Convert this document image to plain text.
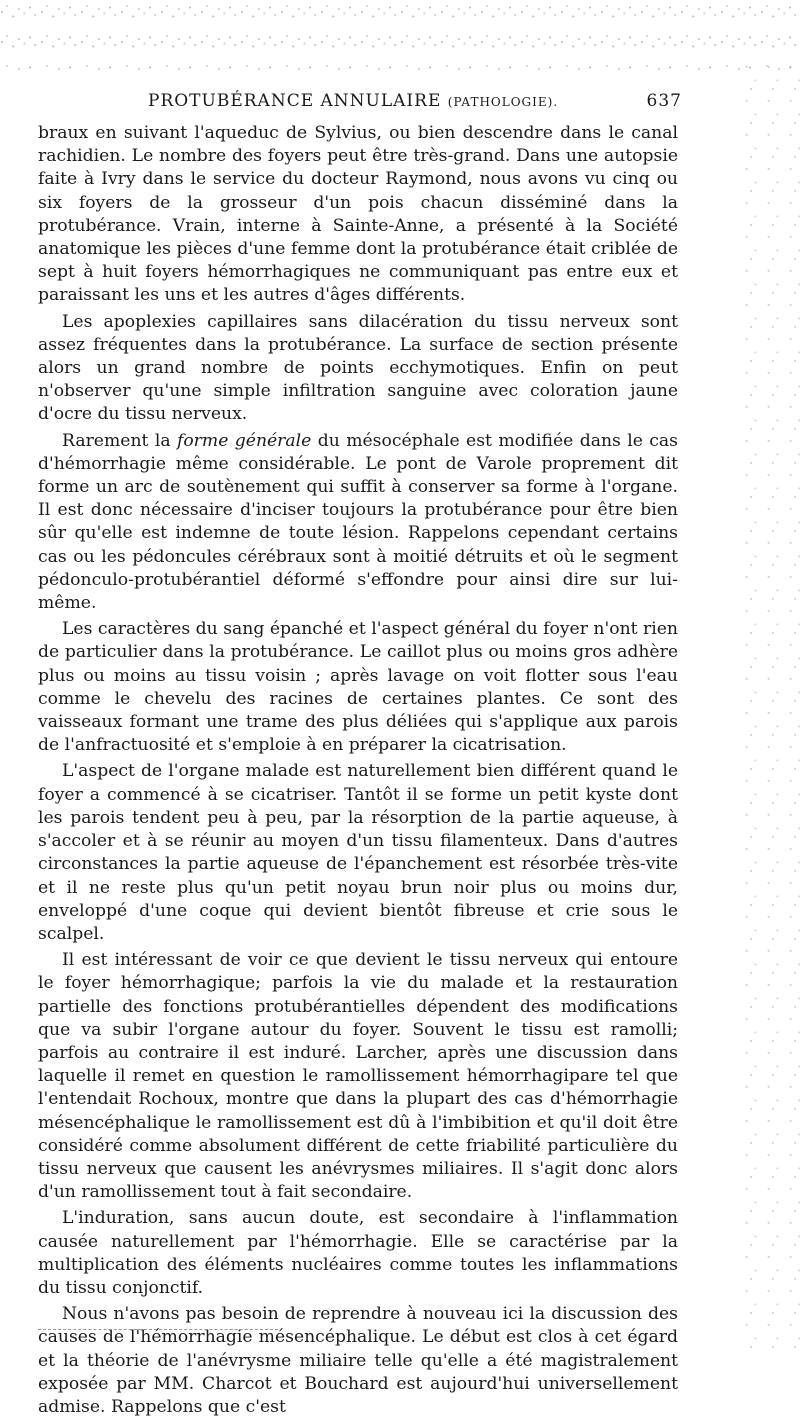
PROTUBÉRANCE ANNULAIRE (PATHOLOGIE).	637

braux en suivant l'aqueduc de Sylvius, ou bien descendre dans le canal rachidien. Le nombre des foyers peut être très-grand. Dans une autopsie faite à Ivry dans le service du docteur Raymond, nous avons vu cinq ou six foyers de la grosseur d'un pois chacun disséminé dans la protubérance. Vrain, interne à Sainte-Anne, a présenté à la Société anatomique les pièces d'une femme dont la protubérance était criblée de sept à huit foyers hémorrhagiques ne communiquant pas entre eux et paraissant les uns et les autres d'âges différents.

Les apoplexies capillaires sans dilacération du tissu nerveux sont assez fréquentes dans la protubérance. La surface de section présente alors un grand nombre de points ecchymotiques. Enfin on peut n'observer qu'une simple infiltration sanguine avec coloration jaune d'ocre du tissu nerveux.

Rarement la forme générale du mésocéphale est modifiée dans le cas d'hémorrhagie même considérable. Le pont de Varole proprement dit forme un arc de soutènement qui suffit à conserver sa forme à l'organe. Il est donc nécessaire d'inciser toujours la protubérance pour être bien sûr qu'elle est indemne de toute lésion. Rappelons cependant certains cas ou les pédoncules cérébraux sont à moitié détruits et où le segment pédonculo-protubérantiel déformé s'effondre pour ainsi dire sur lui-même.

Les caractères du sang épanché et l'aspect général du foyer n'ont rien de particulier dans la protubérance. Le caillot plus ou moins gros adhère plus ou moins au tissu voisin ; après lavage on voit flotter sous l'eau comme le chevelu des racines de certaines plantes. Ce sont des vaisseaux formant une trame des plus déliées qui s'applique aux parois de l'anfractuosité et s'emploie à en préparer la cicatrisation.

L'aspect de l'organe malade est naturellement bien différent quand le foyer a commencé à se cicatriser. Tantôt il se forme un petit kyste dont les parois tendent peu à peu, par la résorption de la partie aqueuse, à s'accoler et à se réunir au moyen d'un tissu filamenteux. Dans d'autres circonstances la partie aqueuse de l'épanchement est résorbée très-vite et il ne reste plus qu'un petit noyau brun noir plus ou moins dur, enveloppé d'une coque qui devient bientôt fibreuse et crie sous le scalpel.

Il est intéressant de voir ce que devient le tissu nerveux qui entoure le foyer hémorrhagique; parfois la vie du malade et la restauration partielle des fonctions protubérantielles dépendent des modifications que va subir l'organe autour du foyer. Souvent le tissu est ramolli; parfois au contraire il est induré. Larcher, après une discussion dans laquelle il remet en question le ramollissement hémorrhagipare tel que l'entendait Rochoux, montre que dans la plupart des cas d'hémorrhagie mésencéphalique le ramollissement est dû à l'imbibition et qu'il doit être considéré comme absolument différent de cette friabilité particulière du tissu nerveux que causent les anévrysmes miliaires. Il s'agit donc alors d'un ramollissement tout à fait secondaire.

L'induration, sans aucun doute, est secondaire à l'inflammation causée naturellement par l'hémorrhagie. Elle se caractérise par la multiplication des éléments nucléaires comme toutes les inflammations du tissu conjonctif.

Nous n'avons pas besoin de reprendre à nouveau ici la discussion des causes de l'hémorrhagie mésencéphalique. Le début est clos à cet égard et la théorie de l'anévrysme miliaire telle qu'elle a été magistralement exposée par MM. Charcot et Bouchard est aujourd'hui universellement admise. Rappelons que c'est
